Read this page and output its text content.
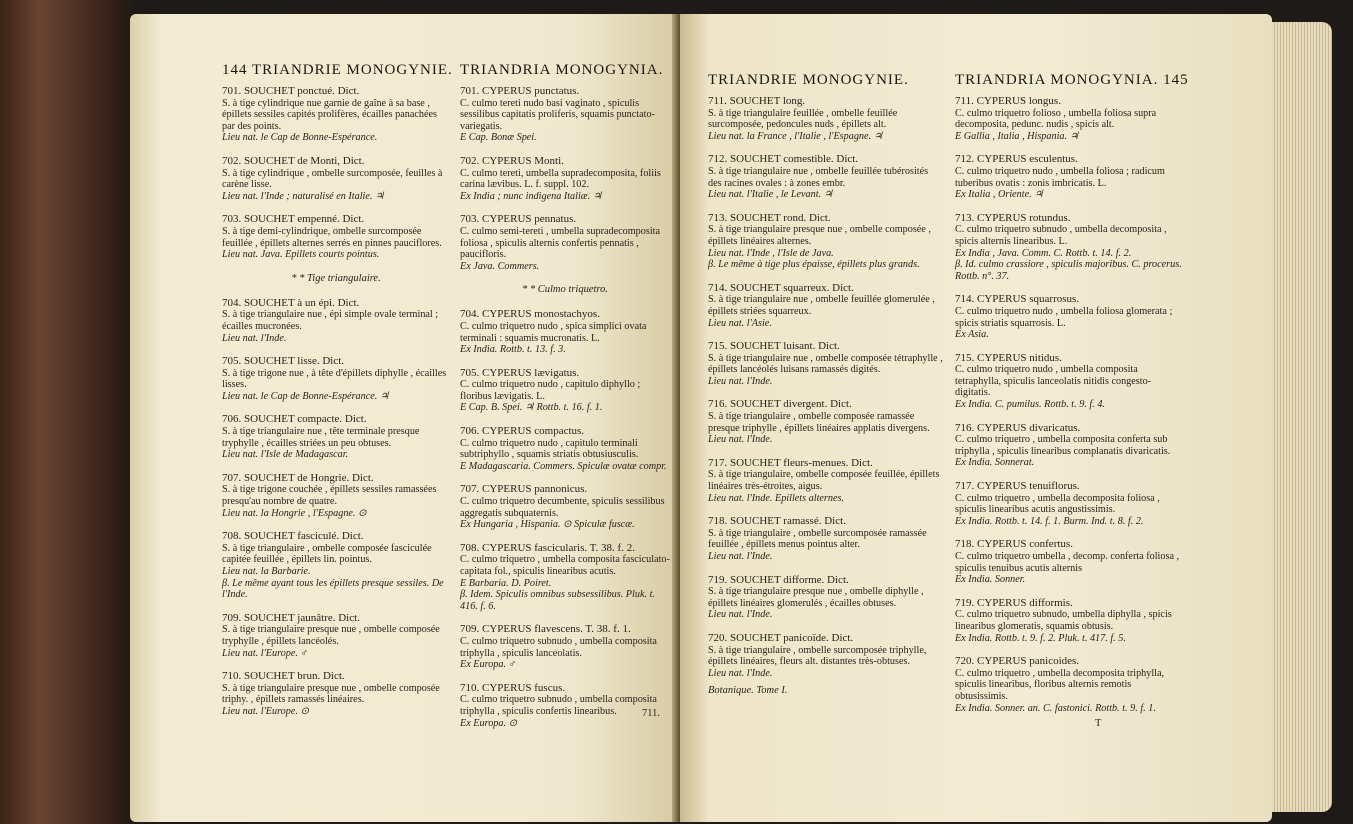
144 TRIANDRIE MONOGYNIE.

701. SOUCHET ponctué. Dict.

S. à tige cylindrique nue garnie de gaîne à sa base , épillets sessiles capités prolifères, écailles panachées par des points.

Lieu nat. le Cap de Bonne-Espérance.

702. SOUCHET de Monti, Dict.

S. à tige cylindrique , ombelle surcomposée, feuilles à carène lisse.

Lieu nat. l'Inde ; naturalisé en Italie. ♃

703. SOUCHET empenné. Dict.

S. à tige demi-cylindrique, ombelle surcomposée feuillée , épillets alternes serrés en pinnes pauciflores.

Lieu nat. Java. Epillets courts pointus.

* * Tige triangulaire.

704. SOUCHET à un épi. Dict.

S. à tige triangulaire nue , épi simple ovale terminal ; écailles mucronées.

Lieu nat. l'Inde.

705. SOUCHET lisse. Dict.

S. à tige trigone nue , à tête d'épillets diphylle , écailles lisses.

Lieu nat. le Cap de Bonne-Espérance. ♃

706. SOUCHET compacte. Dict.

S. à tige triangulaire nue , tête terminale presque tryphylle , écailles striées un peu obtuses.

Lieu nat. l'Isle de Madagascar.

707. SOUCHET de Hongrie. Dict.

S. à tige trigone couchée , épillets sessiles ramassées presqu'au nombre de quatre.

Lieu nat. la Hongrie , l'Espagne. ⊙

708. SOUCHET fasciculé. Dict.

S. à tige triangulaire , ombelle composée fasciculée capitée feuillée , épillets lin. pointus.

Lieu nat. la Barbarie.

β. Le même ayant tous les épillets presque sessiles. De l'Inde.

709. SOUCHET jaunâtre. Dict.

S. à tige triangulaire presque nue , ombelle composée tryphylle , épillets lancéolés.

Lieu nat. l'Europe. ♂

710. SOUCHET brun. Dict.

S. à tige triangulaire presque nue , ombelle composée triphy. , épillets ramassés linéaires.

Lieu nat. l'Europe. ⊙

TRIANDRIA MONOGYNIA.

701. CYPERUS punctatus.

C. culmo tereti nudo basi vaginato , spiculis sessilibus capitatis proliferis, squamis punctato-variegatis.

E Cap. Bonæ Spei.

702. CYPERUS Monti.

C. culmo tereti, umbella supradecomposita, foliis carina lævibus. L. f. suppl. 102.

Ex India ; nunc indigena Italiæ. ♃

703. CYPERUS pennatus.

C. culmo semi-tereti , umbella supradecomposita foliosa , spiculis alternis confertis pennatis , paucifloris.

Ex Java. Commers.

* * Culmo triquetro.

704. CYPERUS monostachyos.

C. culmo triquetro nudo , spica simplici ovata terminali : squamis mucronatis. L.

Ex India. Rottb. t. 13. f. 3.

705. CYPERUS lævigatus.

C. culmo triquetro nudo , capitulo diphyllo ; floribus lævigatis. L.

E Cap. B. Spei. ♃ Rottb. t. 16. f. 1.

706. CYPERUS compactus.

C. culmo triquetro nudo , capitulo terminali subtriphyllo , squamis striatis obtusiusculis.

E Madagascaria. Commers. Spiculæ ovatæ compr.

707. CYPERUS pannonicus.

C. culmo triquetro decumbente, spiculis sessilibus aggregatis subquaternis.

Ex Hungaria , Hispania. ⊙ Spiculæ fuscæ.

708. CYPERUS fascicularis. T. 38. f. 2.

C. culmo triquetro , umbella composita fasciculato-capitata fol., spiculis linearibus acutis.

E Barbaria. D. Poiret.

β. Idem. Spiculis omnibus subsessilibus. Pluk. t. 416. f. 6.

709. CYPERUS flavescens. T. 38. f. 1.

C. culmo triquetro subnudo , umbella composita triphylla , spiculis lanceolatis.

Ex Europa. ♂

710. CYPERUS fuscus.

C. culmo triquetro subnudo , umbella composita triphylla , spiculis confertis linearibus.

Ex Europa. ⊙

711.
TRIANDRIE MONOGYNIE.

711. SOUCHET long.

S. à tige triangulaire feuillée , ombelle feuillée surcomposée, pedoncules nuds , épillets alt.

Lieu nat. la France , l'Italie , l'Espagne. ♃

712. SOUCHET comestible. Dict.

S. à tige triangulaire nue , ombelle feuillée tubérosités des racines ovales : à zones embr.

Lieu nat. l'Italie , le Levant. ♃

713. SOUCHET rond. Dict.

S. à tige triangulaire presque nue , ombelle composée , épillets linéaires alternes.

Lieu nat. l'Inde , l'Isle de Java.

β. Le même à tige plus épaisse, épillets plus grands.

714. SOUCHET squarreux. Dict.

S. à tige triangulaire nue , ombelle feuillée glomerulée , épillets striées squarreux.

Lieu nat. l'Asie.

715. SOUCHET luisant. Dict.

S. à tige triangulaire nue , ombelle composée tétraphylle , épillets lancéolés luisans ramassés digités.

Lieu nat. l'Inde.

716. SOUCHET divergent. Dict.

S. à tige triangulaire , ombelle composée ramassée presque triphylle , épillets linéaires applatis divergens.

Lieu nat. l'Inde.

717. SOUCHET fleurs-menues. Dict.

S. à tige triangulaire, ombelle composée feuillée, épillets linéaires très-étroites, aigus.

Lieu nat. l'Inde. Epillets alternes.

718. SOUCHET ramassé. Dict.

S. à tige triangulaire , ombelle surcomposée ramassée feuillée , épillets menus pointus alter.

Lieu nat. l'Inde.

719. SOUCHET difforme. Dict.

S. à tige triangulaire presque nue , ombelle diphylle , épillets linéaires glomerulés , écailles obtuses.

Lieu nat. l'Inde.

720. SOUCHET panicoïde. Dict.

S. à tige triangulaire , ombelle surcomposée triphylle, épillets linéaires, fleurs alt. distantes très-obtuses.

Lieu nat. l'Inde.

Botanique. Tome I.
TRIANDRIA MONOGYNIA. 145

711. CYPERUS longus.

C. culmo triquetro folioso , umbella foliosa supra decomposita, pedunc. nudis , spicis alt.

E Gallia , Italia , Hispania. ♃

712. CYPERUS esculentus.

C. culmo triquetro nudo , umbella foliosa ; radicum tuberibus ovatis : zonis imbricatis. L.

Ex Italia , Oriente. ♃

713. CYPERUS rotundus.

C. culmo triquetro subnudo , umbella decomposita , spicis alternis linearibus. L.

Ex India , Java. Comm. C. Rottb. t. 14. f. 2.

β. Id. culmo crassiore , spiculis majoribus. C. procerus. Rottb. n°. 37.

714. CYPERUS squarrosus.

C. culmo triquetro nudo , umbella foliosa glomerata ; spicis striatis squarrosis. L.

Ex Asia.

715. CYPERUS nitidus.

C. culmo triquetro nudo , umbella composita tetraphylla, spiculis lanceolatis nitidis congesto-digitatis.

Ex India. C. pumilus. Rottb. t. 9. f. 4.

716. CYPERUS divaricatus.

C. culmo triquetro , umbella composita conferta sub triphylla , spiculis linearibus complanatis divaricatis.

Ex India. Sonnerat.

717. CYPERUS tenuiflorus.

C. culmo triquetro , umbella decomposita foliosa , spiculis linearibus acutis angustissimis.

Ex India. Rottb. t. 14. f. 1. Burm. Ind. t. 8. f. 2.

718. CYPERUS confertus.

C. culmo triquetro umbella , decomp. conferta foliosa , spiculis tenuibus acutis alternis

Ex India. Sonner.

719. CYPERUS difformis.

C. culmo triquetro subnudo, umbella diphylla , spicis linearibus glomeratis, squamis obtusis.

Ex India. Rottb. t. 9. f. 2. Pluk. t. 417. f. 5.

720. CYPERUS panicoides.

C. culmo triquetro , umbella decomposita triphylla, spiculis linearibus, floribus alternis remotis obtusissimis.

Ex India. Sonner. an. C. fastonici. Rottb. t. 9. f. 1.

T
